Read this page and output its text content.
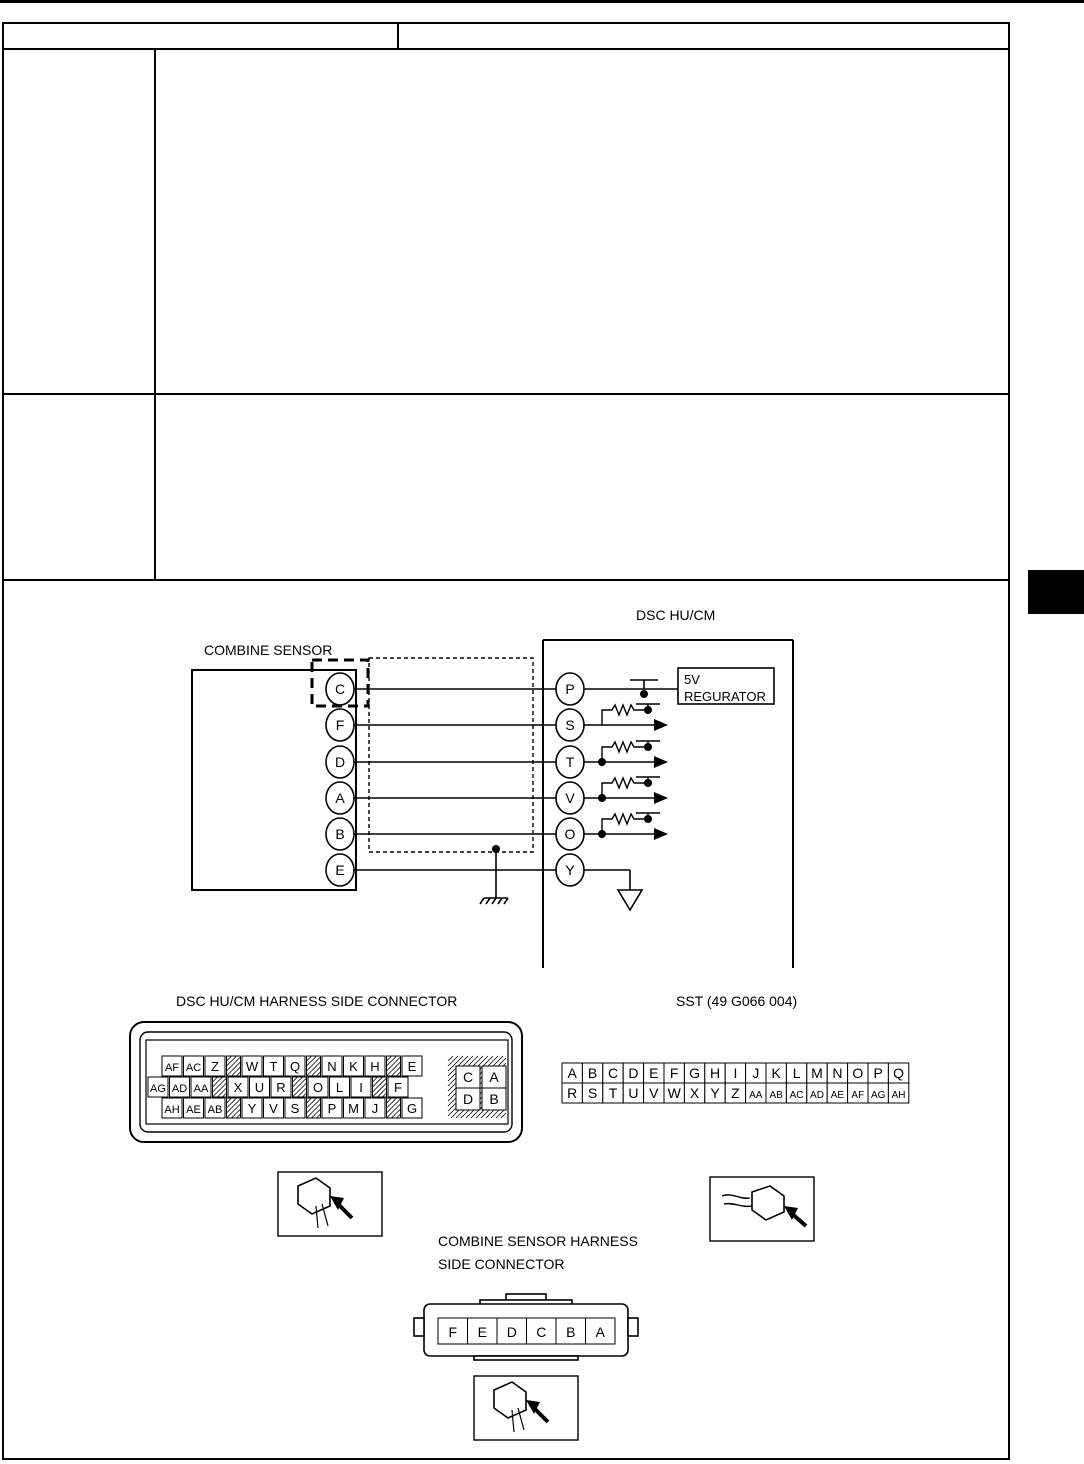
COMBINE SENSOR
DSC HU/CM
5V
REGURATOR
C
F
D
A
B
E
P
S
T
V
O
Y
DSC HU/CM HARNESS SIDE CONNECTOR
AF AC Z W T Q N K H E
AG AD AA X U R O L I F
AH AE AB Y V S P M J G
C A
D B
SST (49 G066 004)
A B C D E F G H I J K L M N O P Q
R S T U V W X Y Z AA AB AC AD AE AF AG AH
COMBINE SENSOR HARNESS
SIDE CONNECTOR
F E D C B A
